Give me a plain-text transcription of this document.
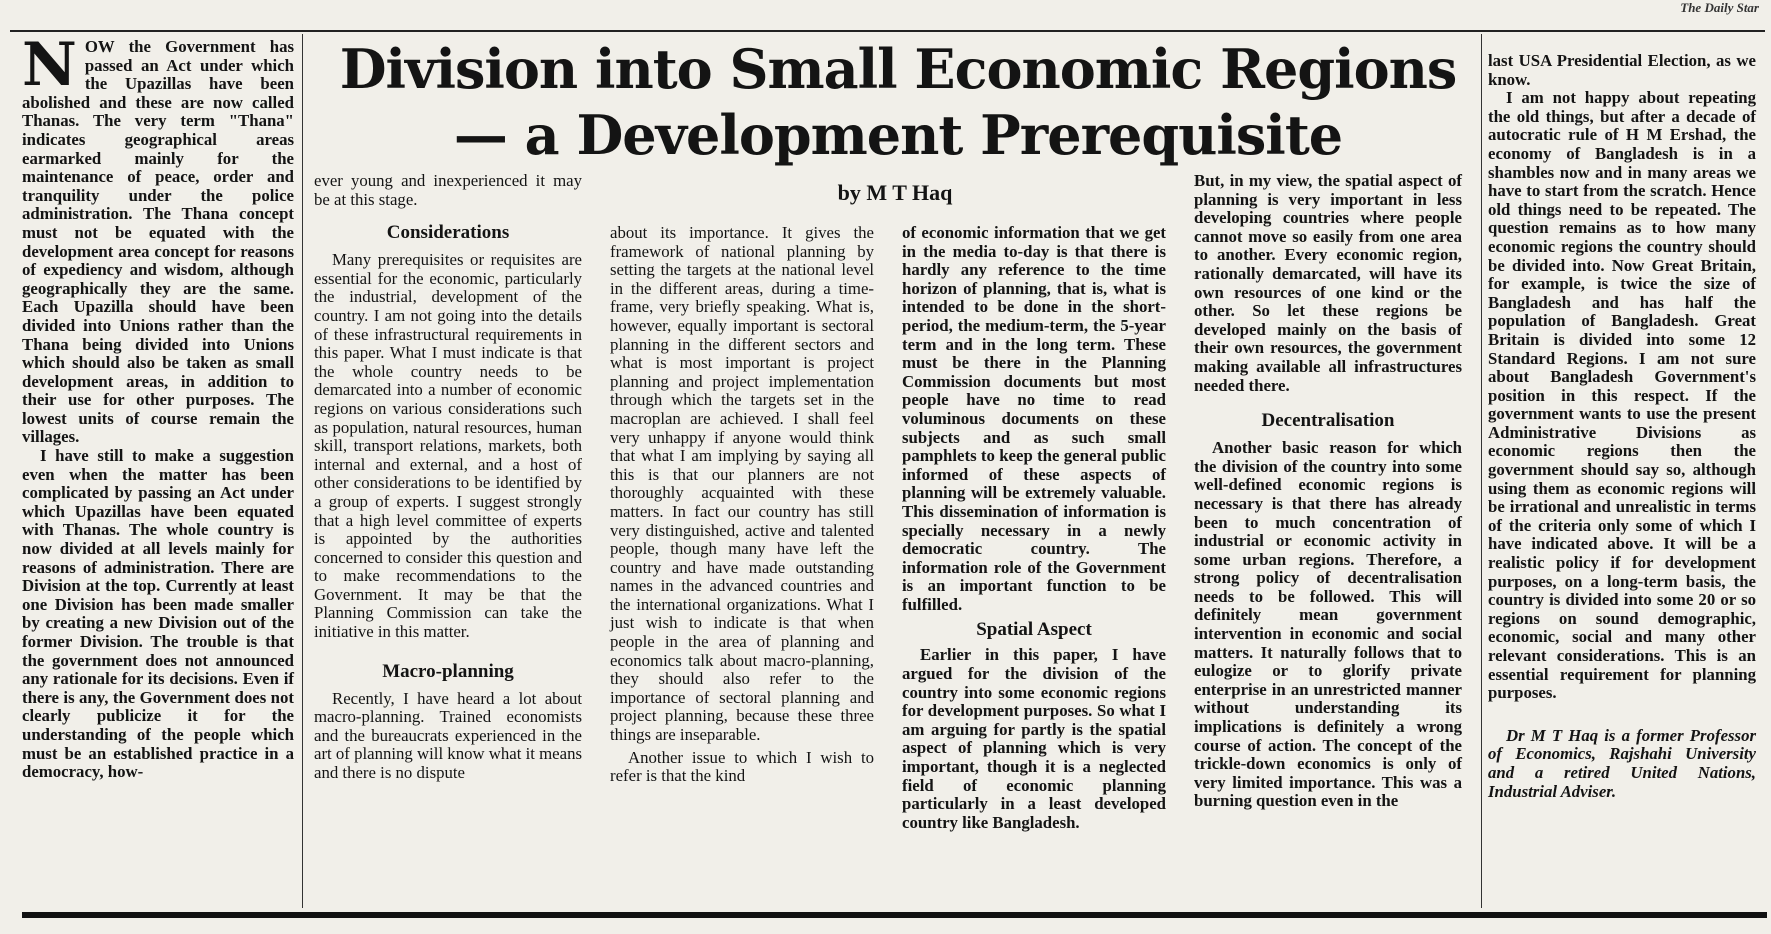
The Daily Star
Division into Small Economic Regions
— a Development Prerequisite
by M T Haq

NOW the Government has passed an Act under which the Upazillas have been abolished and these are now called Thanas. The very term "Thana" indicates geographical areas earmarked mainly for the maintenance of peace, order and tranquility under the police administration. The Thana concept must not be equated with the development area concept for reasons of expediency and wisdom, although geographically they are the same. Each Upazilla should have been divided into Unions rather than the Thana being divided into Unions which should also be taken as small development areas, in addition to their use for other purposes. The lowest units of course remain the villages.

I have still to make a suggestion even when the matter has been complicated by passing an Act under which Upazillas have been equated with Thanas. The whole country is now divided at all levels mainly for reasons of administration. There are Division at the top. Currently at least one Division has been made smaller by creating a new Division out of the former Division. The trouble is that the government does not announced any rationale for its decisions. Even if there is any, the Government does not clearly publicize it for the understanding of the people which must be an established practice in a democracy, how-

ever young and inexperienced it may be at this stage.

Considerations

Many prerequisites or requisites are essential for the economic, particularly the industrial, development of the country. I am not going into the details of these infrastructural requirements in this paper. What I must indicate is that the whole country needs to be demarcated into a number of economic regions on various considerations such as population, natural resources, human skill, transport relations, markets, both internal and external, and a host of other considerations to be identified by a group of experts. I suggest strongly that a high level committee of experts is appointed by the authorities concerned to consider this question and to make recommendations to the Government. It may be that the Planning Commission can take the initiative in this matter.

Macro-planning

Recently, I have heard a lot about macro-planning. Trained economists and the bureaucrats experienced in the art of planning will know what it means and there is no dispute

about its importance. It gives the framework of national planning by setting the targets at the national level in the different areas, during a time-frame, very briefly speaking. What is, however, equally important is sectoral planning in the different sectors and what is most important is project planning and project implementation through which the targets set in the macroplan are achieved. I shall feel very unhappy if anyone would think that what I am implying by saying all this is that our planners are not thoroughly acquainted with these matters. In fact our country has still very distinguished, active and talented people, though many have left the country and have made outstanding names in the advanced countries and the international organizations. What I just wish to indicate is that when people in the area of planning and economics talk about macro-planning, they should also refer to the importance of sectoral planning and project planning, because these three things are inseparable.

Another issue to which I wish to refer is that the kind

of economic information that we get in the media to-day is that there is hardly any reference to the time horizon of planning, that is, what is intended to be done in the short-period, the medium-term, the 5-year term and in the long term. These must be there in the Planning Commission documents but most people have no time to read voluminous documents on these subjects and as such small pamphlets to keep the general public informed of these aspects of planning will be extremely valuable. This dissemination of information is specially necessary in a newly democratic country. The information role of the Government is an important function to be fulfilled.

Spatial Aspect

Earlier in this paper, I have argued for the division of the country into some economic regions for development purposes. So what I am arguing for partly is the spatial aspect of planning which is very important, though it is a neglected field of economic planning particularly in a least developed country like Bangladesh.

But, in my view, the spatial aspect of planning is very important in less developing countries where people cannot move so easily from one area to another. Every economic region, rationally demarcated, will have its own resources of one kind or the other. So let these regions be developed mainly on the basis of their own resources, the government making available all infrastructures needed there.

Decentralisation

Another basic reason for which the division of the country into some well-defined economic regions is necessary is that there has already been to much concentration of industrial or economic activity in some urban regions. Therefore, a strong policy of decentralisation needs to be followed. This will definitely mean government intervention in economic and social matters. It naturally follows that to eulogize or to glorify private enterprise in an unrestricted manner without understanding its implications is definitely a wrong course of action. The concept of the trickle-down economics is only of very limited importance. This was a burning question even in the

last USA Presidential Election, as we know.

I am not happy about repeating the old things, but after a decade of autocratic rule of H M Ershad, the economy of Bangladesh is in a shambles now and in many areas we have to start from the scratch. Hence old things need to be repeated. The question remains as to how many economic regions the country should be divided into. Now Great Britain, for example, is twice the size of Bangladesh and has half the population of Bangladesh. Great Britain is divided into some 12 Standard Regions. I am not sure about Bangladesh Government's position in this respect. If the government wants to use the present Administrative Divisions as economic regions then the government should say so, although using them as economic regions will be irrational and unrealistic in terms of the criteria only some of which I have indicated above. It will be a realistic policy if for development purposes, on a long-term basis, the country is divided into some 20 or so regions on sound demographic, economic, social and many other relevant considerations. This is an essential requirement for planning purposes.

Dr M T Haq is a former Professor of Economics, Rajshahi University and a retired United Nations, Industrial Adviser.
